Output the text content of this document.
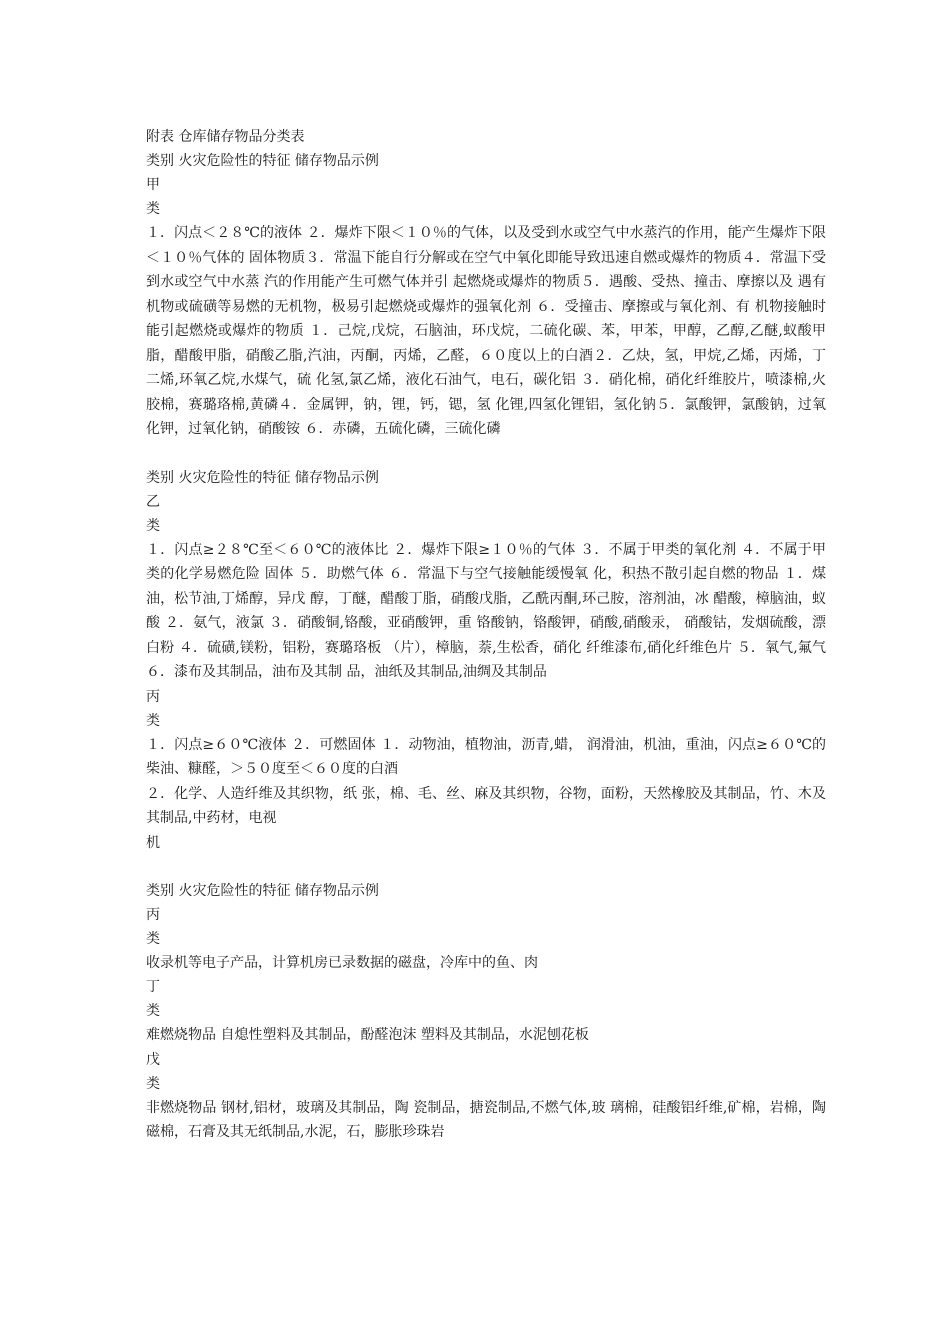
附表 仓库储存物品分类表
类别 火灾危险性的特征 储存物品示例
甲
类
１．闪点＜２８℃的液体 ２．爆炸下限＜１０％的气体，以及受到水或空气中水蒸汽的作用，能产生爆炸下限＜１０％气体的 固体物质３．常温下能自行分解或在空气中氧化即能导致迅速自燃或爆炸的物质４．常温下受到水或空气中水蒸 汽的作用能产生可燃气体并引 起燃烧或爆炸的物质５．遇酸、受热、撞击、摩擦以及 遇有机物或硫磺等易燃的无机物，极易引起燃烧或爆炸的强氧化剂 ６．受撞击、摩擦或与氧化剂、有 机物接触时能引起燃烧或爆炸的物质 １．己烷,戊烷，石脑油，环戊烷，二硫化碳、苯，甲苯，甲醇，乙醇,乙醚,蚁酸甲脂，醋酸甲脂，硝酸乙脂,汽油，丙酮，丙烯，乙醛，６０度以上的白酒２．乙炔，氢，甲烷,乙烯，丙烯，丁二烯,环氧乙烷,水煤气，硫 化氢,氯乙烯，液化石油气，电石，碳化铝 ３．硝化棉，硝化纤维胶片，喷漆棉,火胶棉，赛璐珞棉,黄磷４．金属钾，钠，锂，钙，锶，氢 化锂,四氢化锂铝，氢化钠５．氯酸钾，氯酸钠，过氧化钾，过氧化钠，硝酸铵 ６．赤磷，五硫化磷，三硫化磷
类别 火灾危险性的特征 储存物品示例
乙
类
１．闪点≥２８℃至＜６０℃的液体比 ２．爆炸下限≥１０％的气体 ３．不属于甲类的氧化剂 ４．不属于甲类的化学易燃危险 固体 ５．助燃气体 ６．常温下与空气接触能缓慢氧 化，积热不散引起自燃的物品 １．煤油，松节油,丁烯醇，异戊 醇，丁醚，醋酸丁脂，硝酸戊脂，乙酰丙酮,环己胺，溶剂油，冰 醋酸，樟脑油，蚁酸 ２．氨气，液氯 ３．硝酸铜,铬酸，亚硝酸钾，重 铬酸钠，铬酸钾，硝酸,硝酸汞， 硝酸钴，发烟硫酸，漂白粉 ４．硫磺,镁粉，铝粉，赛璐珞板 （片），樟脑，萘,生松香，硝化 纤维漆布,硝化纤维色片 ５．氧气,氟气 ６．漆布及其制品，油布及其制 品，油纸及其制品,油绸及其制品
丙
类
１．闪点≥６０℃液体 ２．可燃固体 １．动物油，植物油，沥青,蜡， 润滑油，机油，重油，闪点≥６０℃的柴油、糠醛，＞５０度至＜６０度的白酒
２．化学、人造纤维及其织物，纸 张，棉、毛、丝、麻及其织物，谷物，面粉，天然橡胶及其制品，竹、木及其制品,中药材，电视
机
类别 火灾危险性的特征 储存物品示例
丙
类
收录机等电子产品，计算机房已录数据的磁盘，冷库中的鱼、肉
丁
类
难燃烧物品 自熄性塑料及其制品，酚醛泡沫 塑料及其制品，水泥刨花板
戊
类
非燃烧物品 钢材,铝材，玻璃及其制品，陶 瓷制品，搪瓷制品,不燃气体,玻 璃棉，硅酸铝纤维,矿棉，岩棉，陶磁棉，石膏及其无纸制品,水泥，石，膨胀珍珠岩
